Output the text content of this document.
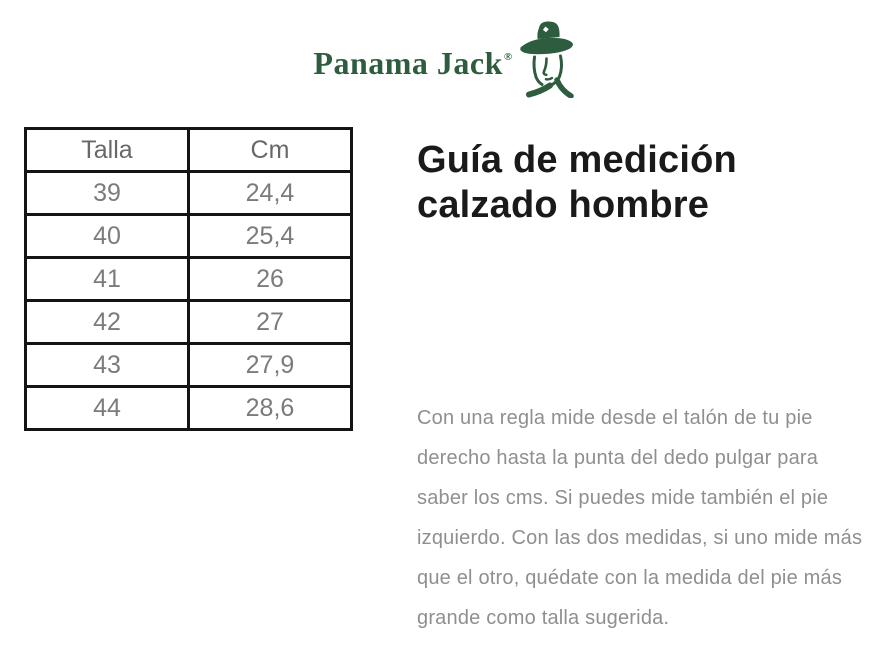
Panama Jack®
Talla	Cm
39	24,4
40	25,4
41	26
42	27
43	27,9
44	28,6
Guía de medición calzado hombre

Con una regla mide desde el talón de tu pie derecho hasta la punta del dedo pulgar para saber los cms. Si puedes mide también el pie izquierdo. Con las dos medidas, si uno mide más que el otro, quédate con la medida del pie más grande como talla sugerida.
